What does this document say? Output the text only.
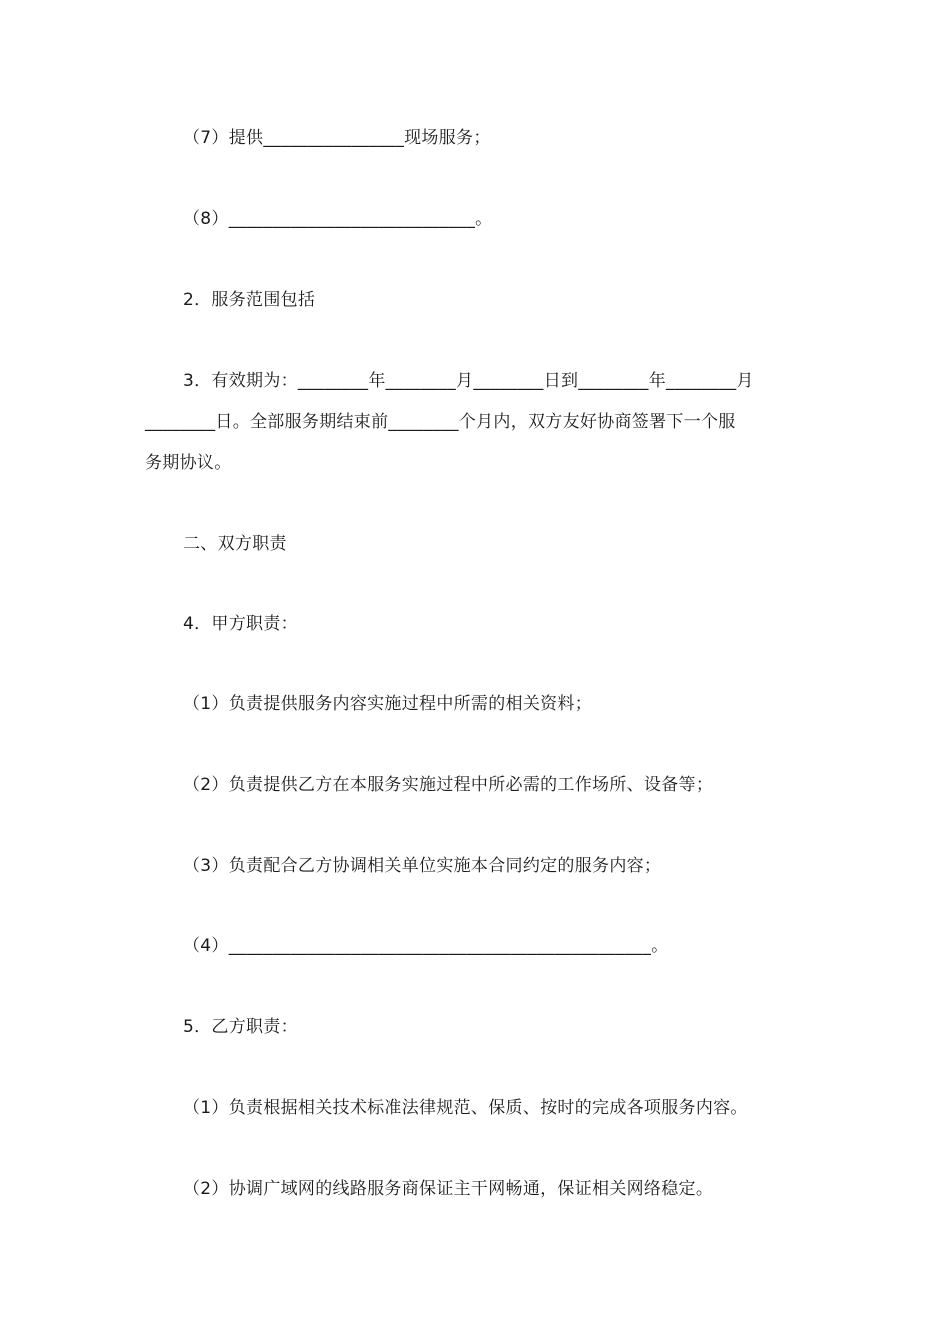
（7）提供________________现场服务；
（8）____________________________。
2．服务范围包括
3．有效期为：________年________月________日到________年________月
________日。全部服务期结束前________个月内，双方友好协商签署下一个服
务期协议。
二、双方职责
4．甲方职责：
（1）负责提供服务内容实施过程中所需的相关资料；
（2）负责提供乙方在本服务实施过程中所必需的工作场所、设备等；
（3）负责配合乙方协调相关单位实施本合同约定的服务内容；
（4）________________________________________________。
5．乙方职责：
（1）负责根据相关技术标准法律规范、保质、按时的完成各项服务内容。
（2）协调广域网的线路服务商保证主干网畅通，保证相关网络稳定。
